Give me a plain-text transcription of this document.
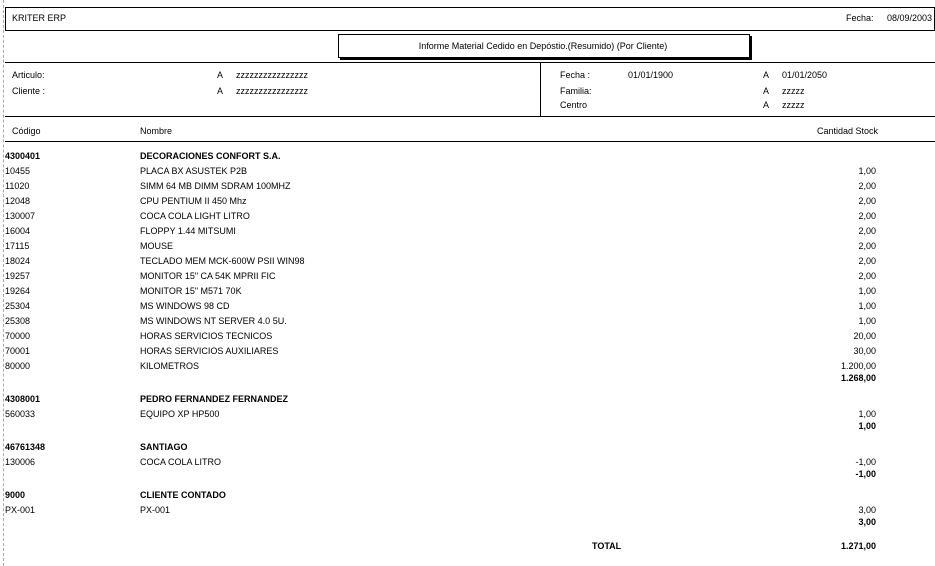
KRITER ERP	Fecha: 08/09/2003
Informe Material Cedido en Depóstio.(Resumido) (Por Cliente)
Articulo:	A zzzzzzzzzzzzzzzz
Cliente :	A zzzzzzzzzzzzzzzz
Fecha :	01/01/1900	A 01/01/2050
Familia:	A zzzzz
Centro	A zzzzz
Código	Nombre	Cantidad Stock
4300401	DECORACIONES CONFORT S.A.
10455	PLACA BX ASUSTEK P2B	1,00
11020	SIMM 64 MB DIMM SDRAM 100MHZ	2,00
12048	CPU PENTIUM II 450 Mhz	2,00
130007	COCA COLA LIGHT LITRO	2,00
16004	FLOPPY 1.44 MITSUMI	2,00
17115	MOUSE	2,00
18024	TECLADO MEM MCK-600W PSII WIN98	2,00
19257	MONITOR 15" CA 54K MPRII FIC	2,00
19264	MONITOR 15" M571 70K	1,00
25304	MS WINDOWS 98 CD	1,00
25308	MS WINDOWS NT SERVER 4.0 5U.	1,00
70000	HORAS SERVICIOS TECNICOS	20,00
70001	HORAS SERVICIOS AUXILIARES	30,00
80000	KILOMETROS	1.200,00
1.268,00
4308001	PEDRO FERNANDEZ FERNANDEZ
560033	EQUIPO XP HP500	1,00
1,00
46761348	SANTIAGO
130006	COCA COLA LITRO	-1,00
-1,00
9000	CLIENTE CONTADO
PX-001	PX-001	3,00
3,00
TOTAL	1.271,00
